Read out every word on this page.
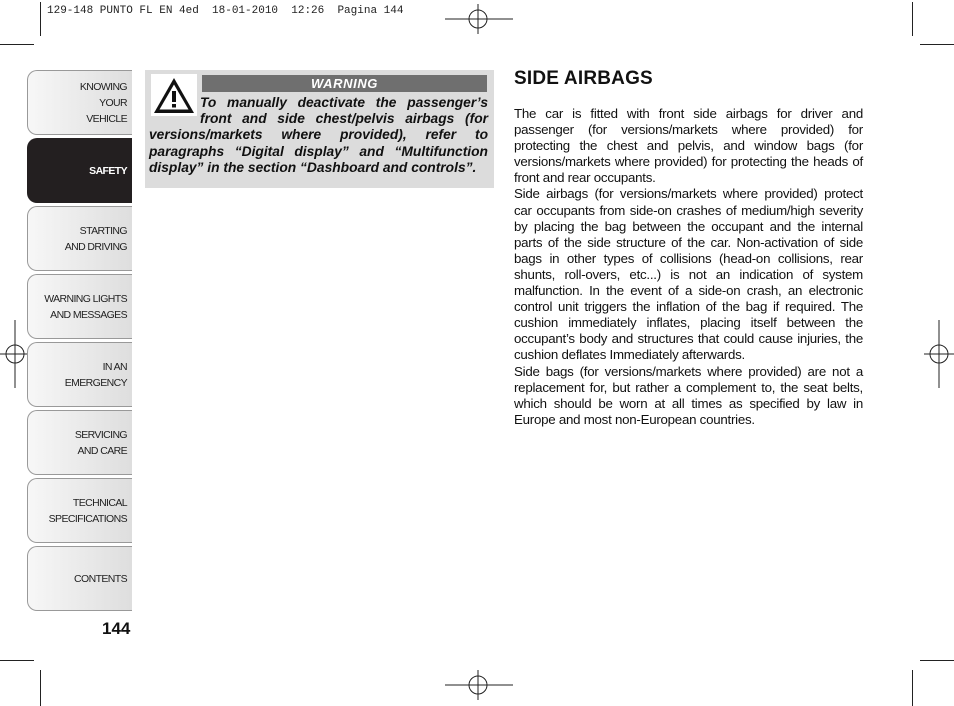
129-148 PUNTO FL EN 4ed  18-01-2010  12:26  Pagina 144
KNOWING
YOUR
VEHICLE
SAFETY
STARTING
AND DRIVING
WARNING LIGHTS
AND MESSAGES
IN AN
EMERGENCY
SERVICING
AND CARE
TECHNICAL
SPECIFICATIONS
CONTENTS
144
WARNING
To manually deactivate the passenger’s front and side chest/pelvis airbags (for versions/markets where provided), refer to paragraphs “Digital display” and “Multifunction display” in the section “Dashboard and controls”.
SIDE AIRBAGS

The car is fitted with front side airbags for driver and passenger (for versions/markets where provided) for protecting the chest and pelvis, and window bags (for versions/markets where provided) for protecting the heads of front and rear occupants.

Side airbags (for versions/markets where provided) protect car occupants from side-on crashes of medium/high severity by placing the bag between the occupant and the internal parts of the side structure of the car. Non-activation of side bags in other types of collisions (head-on collisions, rear shunts, roll-overs, etc...) is not an indication of system malfunction. In the event of a side-on crash, an electronic control unit triggers the inflation of the bag if required. The cushion immediately inflates, placing itself between the occupant’s body and structures that could cause injuries, the cushion deflates Immediately afterwards.

Side bags (for versions/markets where provided) are not a replacement for, but rather a complement to, the seat belts, which should be worn at all times as specified by law in Europe and most non-European countries.
